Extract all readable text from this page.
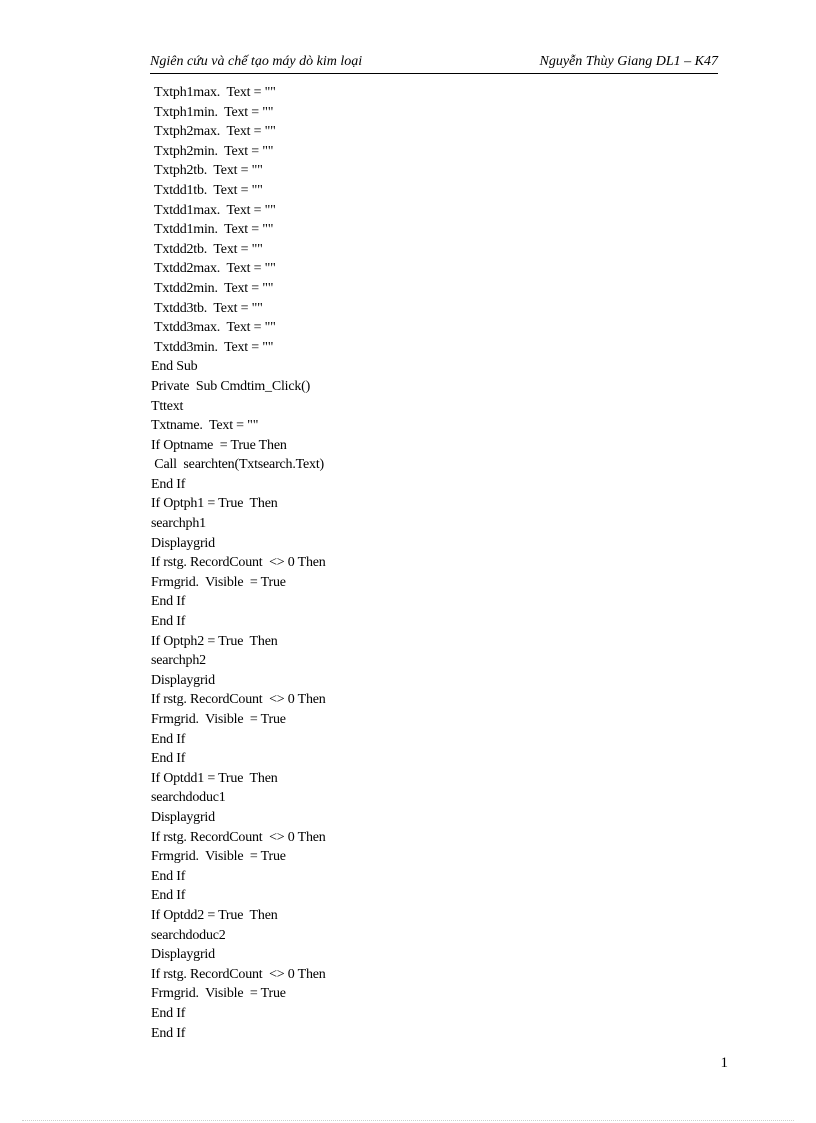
Ngiên cứu và chế tạo máy dò kim loại	Nguyễn Thùy Giang DL1 – K47
Txtph1max.  Text = ""
Txtph1min.  Text = ""
Txtph2max.  Text = ""
Txtph2min.  Text = ""
Txtph2tb.  Text = ""
Txtdd1tb.  Text = ""
Txtdd1max.  Text = ""
Txtdd1min.  Text = ""
Txtdd2tb.  Text = ""
Txtdd2max.  Text = ""
Txtdd2min.  Text = ""
Txtdd3tb.  Text = ""
Txtdd3max.  Text = ""
Txtdd3min.  Text = ""
End Sub
Private  Sub Cmdtim_Click()
Tttext
Txtname.  Text = ""
If Optname  = True Then
Call  searchten(Txtsearch.Text)
End If
If Optph1 = True  Then
searchph1
Displaygrid
If rstg. RecordCount  <> 0 Then
Frmgrid.  Visible  = True
End If
End If
If Optph2 = True  Then
searchph2
Displaygrid
If rstg. RecordCount  <> 0 Then
Frmgrid.  Visible  = True
End If
End If
If Optdd1 = True  Then
searchdoduc1
Displaygrid
If rstg. RecordCount  <> 0 Then
Frmgrid.  Visible  = True
End If
End If
If Optdd2 = True  Then
searchdoduc2
Displaygrid
If rstg. RecordCount  <> 0 Then
Frmgrid.  Visible  = True
End If
End If
1
